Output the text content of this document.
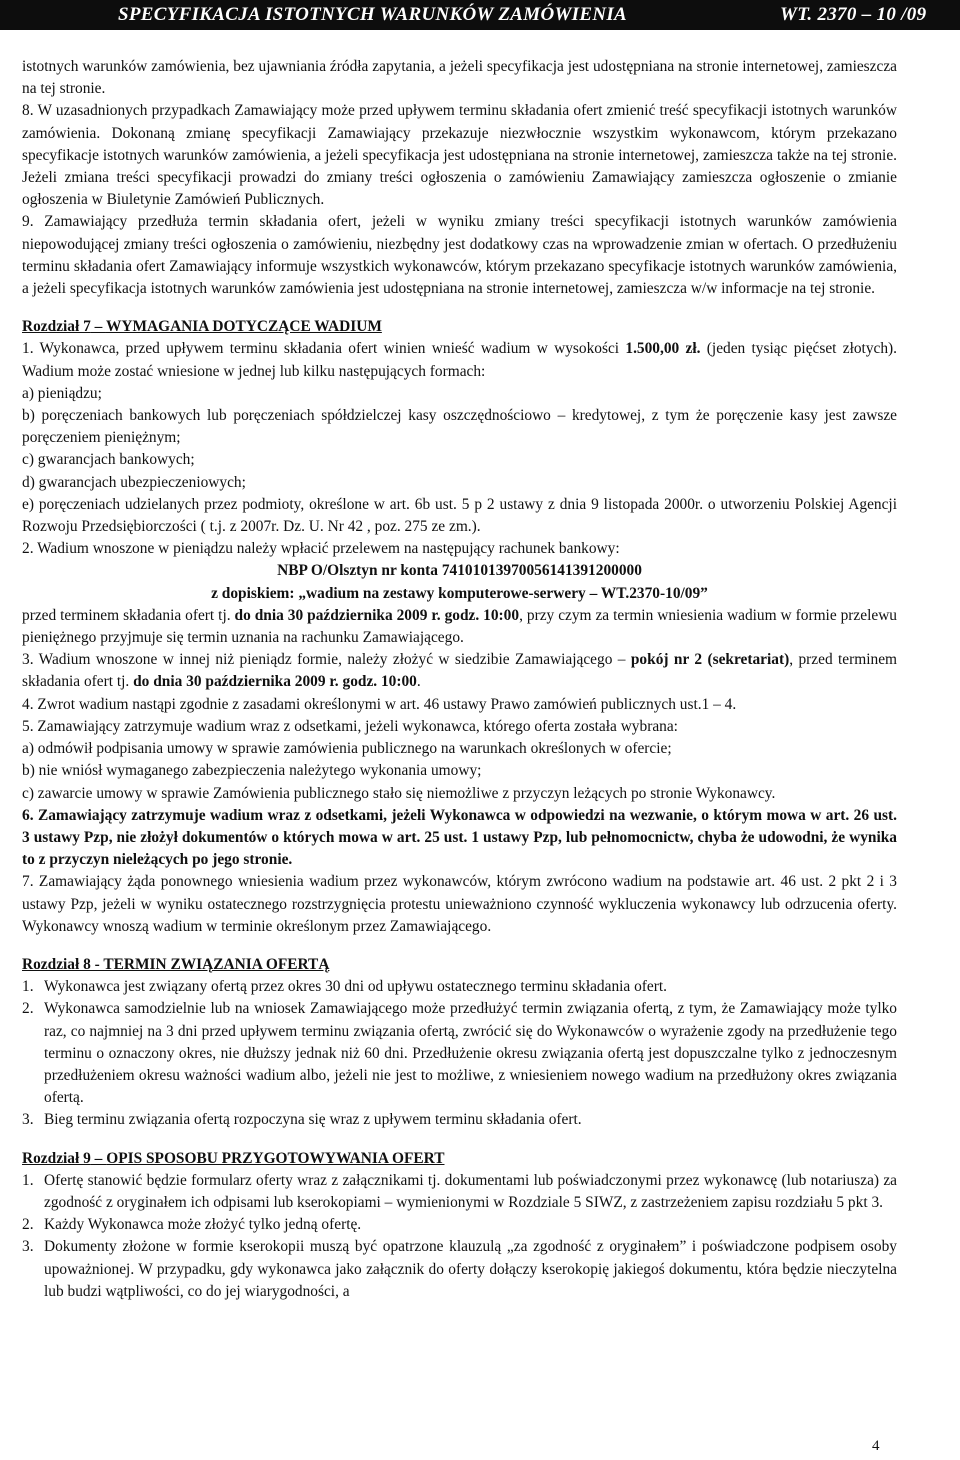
SPECYFIKACJA ISTOTNYCH WARUNKÓW ZAMÓWIENIA	WT. 2370 – 10 /09

istotnych warunków zamówienia, bez ujawniania źródła zapytania, a jeżeli specyfikacja jest udostępniana na stronie internetowej, zamieszcza na tej stronie.

8. W uzasadnionych przypadkach Zamawiający może przed upływem terminu składania ofert zmienić treść specyfikacji istotnych warunków zamówienia. Dokonaną zmianę specyfikacji Zamawiający przekazuje niezwłocznie wszystkim wykonawcom, którym przekazano specyfikacje istotnych warunków zamówienia, a jeżeli specyfikacja jest udostępniana na stronie internetowej, zamieszcza także na tej stronie. Jeżeli zmiana treści specyfikacji prowadzi do zmiany treści ogłoszenia o zamówieniu Zamawiający zamieszcza ogłoszenie o zmianie ogłoszenia w Biuletynie Zamówień Publicznych.

9. Zamawiający przedłuża termin składania ofert, jeżeli w wyniku zmiany treści specyfikacji istotnych warunków zamówienia niepowodującej zmiany treści ogłoszenia o zamówieniu, niezbędny jest dodatkowy czas na wprowadzenie zmian w ofertach. O przedłużeniu terminu składania ofert Zamawiający informuje wszystkich wykonawców, którym przekazano specyfikacje istotnych warunków zamówienia, a jeżeli specyfikacja istotnych warunków zamówienia jest udostępniana na stronie internetowej, zamieszcza w/w informacje na tej stronie.

Rozdział 7 – WYMAGANIA DOTYCZĄCE WADIUM

1. Wykonawca, przed upływem terminu składania ofert winien wnieść wadium w wysokości 1.500,00 zł. (jeden tysiąc pięćset złotych). Wadium może zostać wniesione w jednej lub kilku następujących formach:

a) pieniądzu;

b) poręczeniach bankowych lub poręczeniach spółdzielczej kasy oszczędnościowo – kredytowej, z tym że poręczenie kasy jest zawsze poręczeniem pieniężnym;

c) gwarancjach bankowych;

d) gwarancjach ubezpieczeniowych;

e) poręczeniach udzielanych przez podmioty, określone w art. 6b ust. 5 p 2 ustawy z dnia 9 listopada 2000r. o utworzeniu Polskiej Agencji Rozwoju Przedsiębiorczości ( t.j. z 2007r. Dz. U. Nr 42 , poz. 275 ze zm.).

2. Wadium wnoszone w pieniądzu należy wpłacić przelewem na następujący rachunek bankowy:

NBP O/Olsztyn nr konta 74101013970056141391200000

z dopiskiem: „wadium na zestawy komputerowe-serwery – WT.2370-10/09”

przed terminem składania ofert tj. do dnia 30 października 2009 r. godz. 10:00, przy czym za termin wniesienia wadium w formie przelewu pieniężnego przyjmuje się termin uznania na rachunku Zamawiającego.

3. Wadium wnoszone w innej niż pieniądz formie, należy złożyć w siedzibie Zamawiającego – pokój nr 2 (sekretariat), przed terminem składania ofert tj. do dnia 30 października 2009 r. godz. 10:00.

4. Zwrot wadium nastąpi zgodnie z zasadami określonymi w art. 46 ustawy Prawo zamówień publicznych ust.1 – 4.

5. Zamawiający zatrzymuje wadium wraz z odsetkami, jeżeli wykonawca, którego oferta została wybrana:

a) odmówił podpisania umowy w sprawie zamówienia publicznego na warunkach określonych w ofercie;

b) nie wniósł wymaganego zabezpieczenia należytego wykonania umowy;

c) zawarcie umowy w sprawie Zamówienia publicznego stało się niemożliwe z przyczyn leżących po stronie Wykonawcy.

6. Zamawiający zatrzymuje wadium wraz z odsetkami, jeżeli Wykonawca w odpowiedzi na wezwanie, o którym mowa w art. 26 ust. 3 ustawy Pzp, nie złożył dokumentów o których mowa w art. 25 ust. 1 ustawy Pzp, lub pełnomocnictw, chyba że udowodni, że wynika to z przyczyn nieleżących po jego stronie.

7. Zamawiający żąda ponownego wniesienia wadium przez wykonawców, którym zwrócono wadium na podstawie art. 46 ust. 2 pkt 2 i 3 ustawy Pzp, jeżeli w wyniku ostatecznego rozstrzygnięcia protestu unieważniono czynność wykluczenia wykonawcy lub odrzucenia oferty. Wykonawcy wnoszą wadium w terminie określonym przez Zamawiającego.

Rozdział 8 - TERMIN ZWIĄZANIA OFERTĄ

1. Wykonawca jest związany ofertą przez okres 30 dni od upływu ostatecznego terminu składania ofert.
2. Wykonawca samodzielnie lub na wniosek Zamawiającego może przedłużyć termin związania ofertą, z tym, że Zamawiający może tylko raz, co najmniej na 3 dni przed upływem terminu związania ofertą, zwrócić się do Wykonawców o wyrażenie zgody na przedłużenie tego terminu o oznaczony okres, nie dłuższy jednak niż 60 dni. Przedłużenie okresu związania ofertą jest dopuszczalne tylko z jednoczesnym przedłużeniem okresu ważności wadium albo, jeżeli nie jest to możliwe, z wniesieniem nowego wadium na przedłużony okres związania ofertą.
3. Bieg terminu związania ofertą rozpoczyna się wraz z upływem terminu składania ofert.

Rozdział 9 – OPIS SPOSOBU PRZYGOTOWYWANIA OFERT

1. Ofertę stanowić będzie formularz oferty wraz z załącznikami tj. dokumentami lub poświadczonymi przez wykonawcę (lub notariusza) za zgodność z oryginałem ich odpisami lub kserokopiami – wymienionymi w Rozdziale 5 SIWZ, z zastrzeżeniem zapisu rozdziału 5 pkt 3.
2. Każdy Wykonawca może złożyć tylko jedną ofertę.
3. Dokumenty złożone w formie kserokopii muszą być opatrzone klauzulą „za zgodność z oryginałem” i poświadczone podpisem osoby upoważnionej. W przypadku, gdy wykonawca jako załącznik do oferty dołączy kserokopię jakiegoś dokumentu, która będzie nieczytelna lub budzi wątpliwości, co do jej wiarygodności, a
4
